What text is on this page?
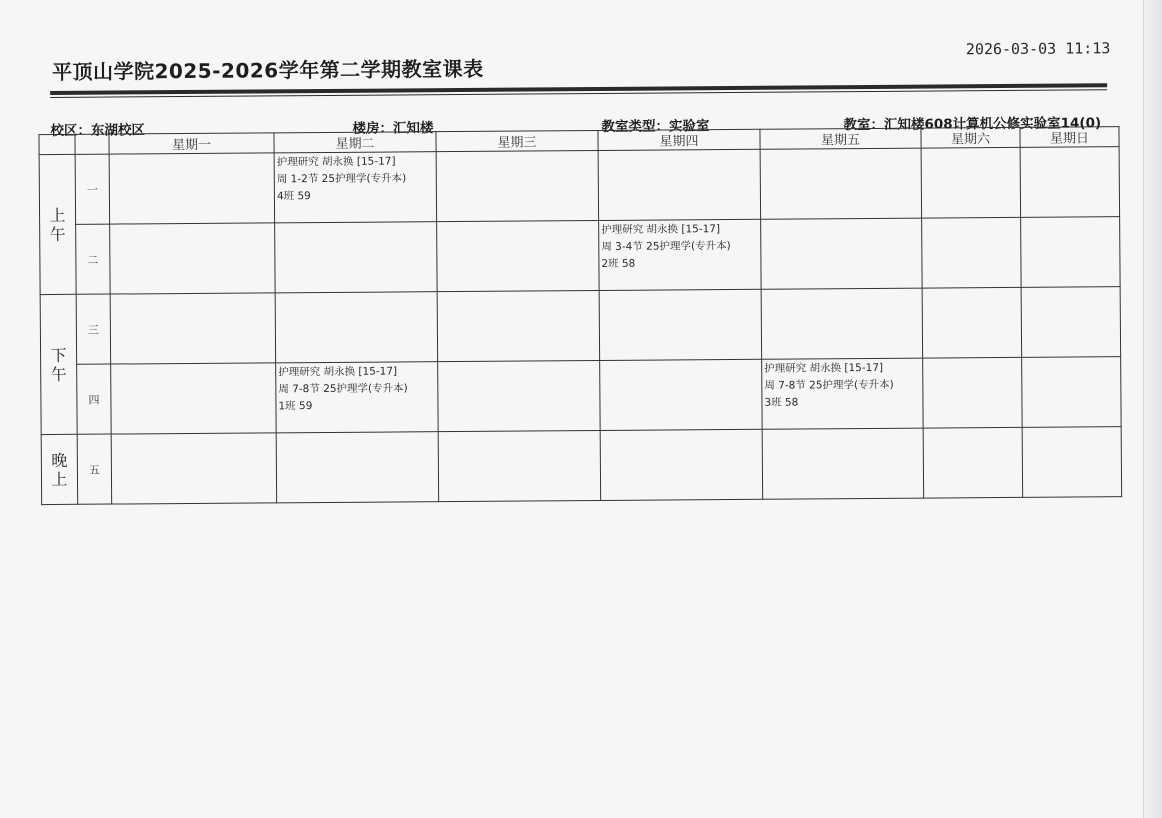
平顶山学院2025-2026学年第二学期教室课表
2026-03-03 11:13
校区：东湖校区	楼房：汇知楼	教室类型：实验室	教室：汇知楼608计算机公修实验室14(0)
		星期一	星期二	星期三	星期四	星期五	星期六	星期日
上
午	一		护理研究 胡永换 [15-17]
周 1-2节 25护理学(专升本)
4班 59					

	二				护理研究 胡永换 [15-17]
周 3-4节 25护理学(专升本)
2班 58			

下
午	三							
	四		护理研究 胡永换 [15-17]
周 7-8节 25护理学(专升本)
1班 59			护理研究 胡永换 [15-17]
周 7-8节 25护理学(专升本)
3班 58		

晚
上	五							
